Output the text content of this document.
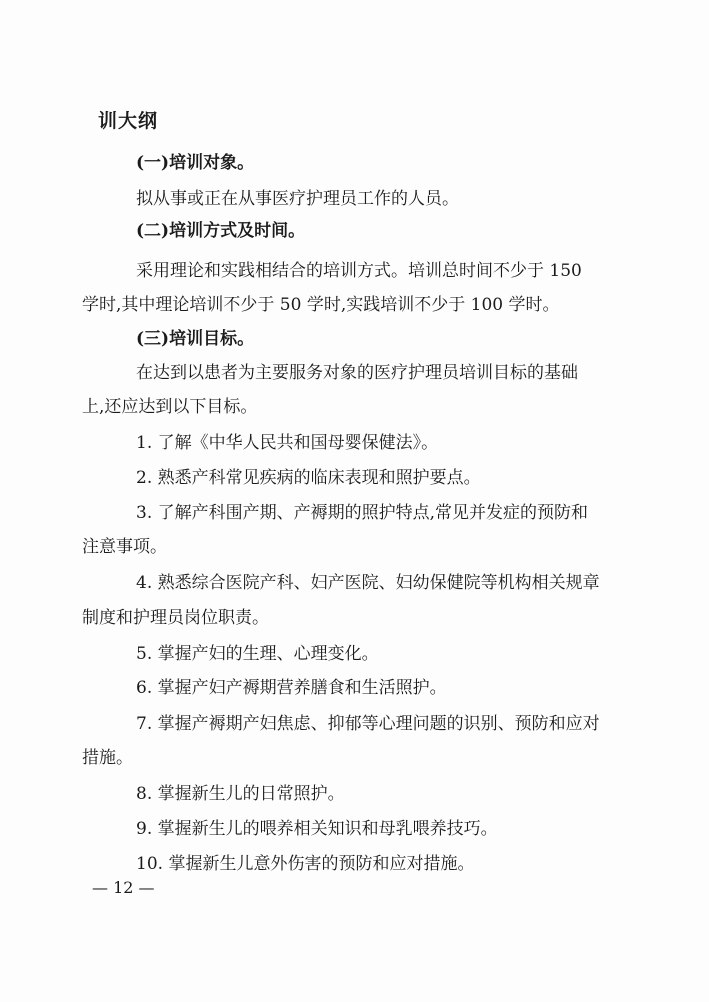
训大纲
(一)培训对象。
拟从事或正在从事医疗护理员工作的人员。
(二)培训方式及时间。
采用理论和实践相结合的培训方式。培训总时间不少于 150
学时,其中理论培训不少于 50 学时,实践培训不少于 100 学时。
(三)培训目标。
在达到以患者为主要服务对象的医疗护理员培训目标的基础
上,还应达到以下目标。
1. 了解《中华人民共和国母婴保健法》。
2. 熟悉产科常见疾病的临床表现和照护要点。
3. 了解产科围产期、产褥期的照护特点,常见并发症的预防和
注意事项。
4. 熟悉综合医院产科、妇产医院、妇幼保健院等机构相关规章
制度和护理员岗位职责。
5. 掌握产妇的生理、心理变化。
6. 掌握产妇产褥期营养膳食和生活照护。
7. 掌握产褥期产妇焦虑、抑郁等心理问题的识别、预防和应对
措施。
8. 掌握新生儿的日常照护。
9. 掌握新生儿的喂养相关知识和母乳喂养技巧。
10. 掌握新生儿意外伤害的预防和应对措施。
— 12 —
